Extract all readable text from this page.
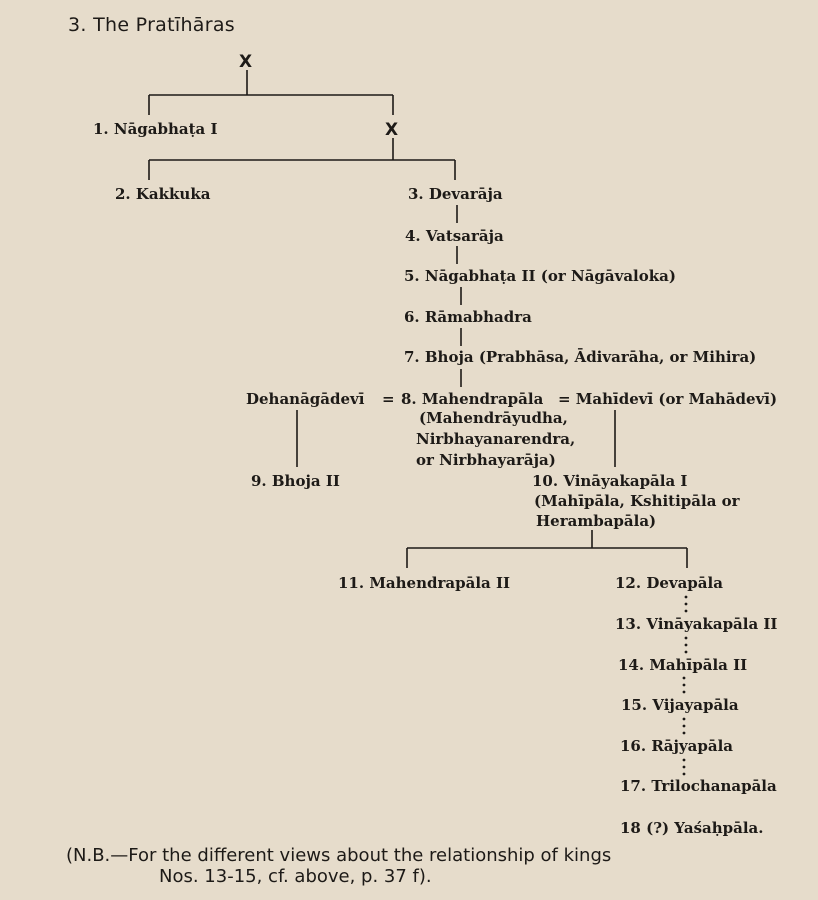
3. The Pratīhāras
X
X
1. Nāgabhaṭa I
2. Kakkuka	3. Devarāja
4. Vatsarāja
5. Nāgabhaṭa II (or Nāgāvaloka)
6. Rāmabhadra
7. Bhoja (Prabhāsa, Ādivarāha, or Mihira)
Dehanāgādevī = 8. Mahendrapāla = Mahīdevī (or Mahādevī)
(Mahendrāyudha,
Nirbhayanarendra,
or Nirbhayarāja)
9. Bhoja II	10. Vināyakapāla I
(Mahīpāla, Kshitipāla or
Herambapāla)
11. Mahendrapāla II	12. Devapāla
13. Vināyakapāla II
14. Mahīpāla II
15. Vijayapāla
16. Rājyapāla
17. Trilochanapāla
18 (?) Yaśaḥpāla.
(N.B.—For the different views about the relationship of kings
Nos. 13-15, cf. above, p. 37 f).
